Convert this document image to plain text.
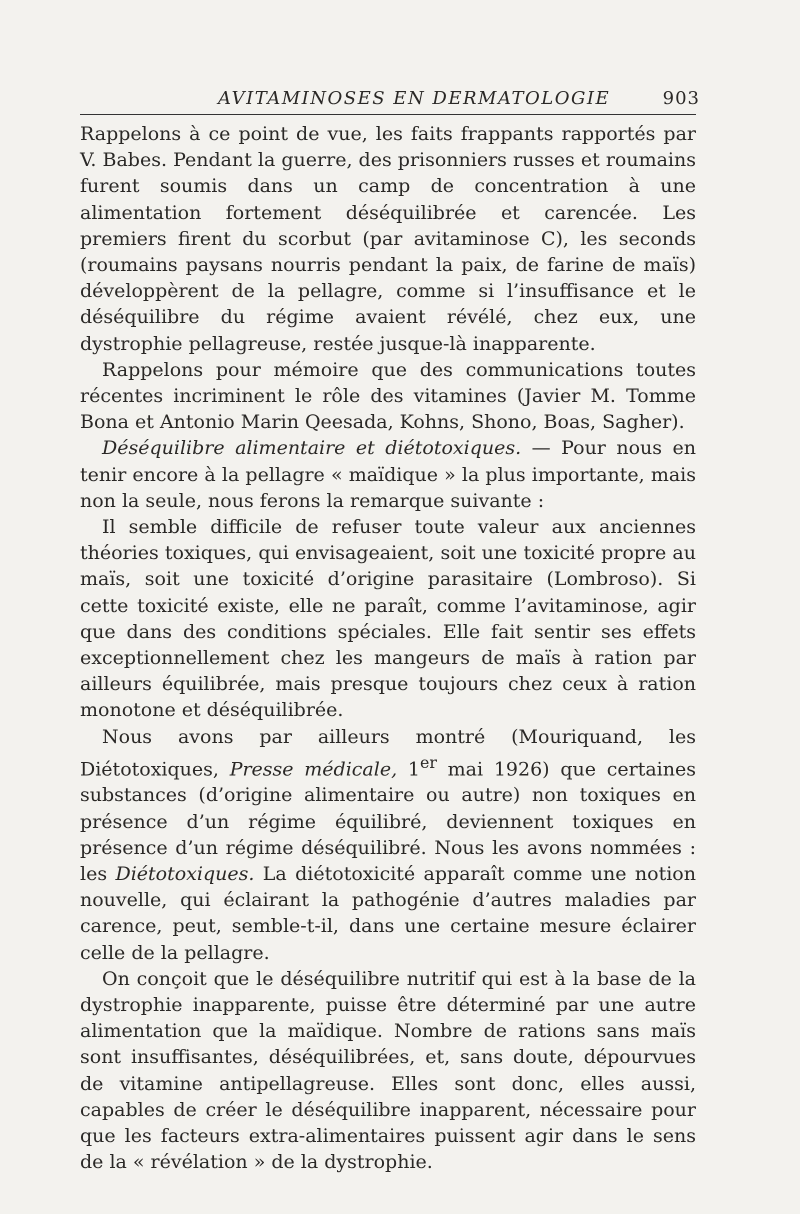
AVITAMINOSES EN DERMATOLOGIE	903

Rappelons à ce point de vue, les faits frappants rapportés par V. Babes. Pendant la guerre, des prisonniers russes et roumains furent soumis dans un camp de concentration à une alimentation fortement déséquilibrée et carencée. Les premiers firent du scorbut (par avitaminose C), les seconds (roumains paysans nourris pendant la paix, de farine de maïs) développèrent de la pellagre, comme si l’insuffisance et le déséquilibre du régime avaient révélé, chez eux, une dystrophie pellagreuse, restée jusque-là inapparente.

Rappelons pour mémoire que des communications toutes récentes incriminent le rôle des vitamines (Javier M. Tomme Bona et Antonio Marin Qeesada, Kohns, Shono, Boas, Sagher).

Déséquilibre alimentaire et diétotoxiques. — Pour nous en tenir encore à la pellagre « maïdique » la plus importante, mais non la seule, nous ferons la remarque suivante :

Il semble difficile de refuser toute valeur aux anciennes théories toxiques, qui envisageaient, soit une toxicité propre au maïs, soit une toxicité d’origine parasitaire (Lombroso). Si cette toxicité existe, elle ne paraît, comme l’avitaminose, agir que dans des conditions spéciales. Elle fait sentir ses effets exceptionnellement chez les mangeurs de maïs à ration par ailleurs équilibrée, mais presque toujours chez ceux à ration monotone et déséquilibrée.

Nous avons par ailleurs montré (Mouriquand, les Diétotoxiques, Presse médicale, 1er mai 1926) que certaines substances (d’origine alimentaire ou autre) non toxiques en présence d’un régime équilibré, deviennent toxiques en présence d’un régime déséquilibré. Nous les avons nommées : les Diétotoxiques. La diétotoxicité apparaît comme une notion nouvelle, qui éclairant la pathogénie d’autres maladies par carence, peut, semble-t-il, dans une certaine mesure éclairer celle de la pellagre.

On conçoit que le déséquilibre nutritif qui est à la base de la dystrophie inapparente, puisse être déterminé par une autre alimentation que la maïdique. Nombre de rations sans maïs sont insuffisantes, déséquilibrées, et, sans doute, dépourvues de vitamine antipellagreuse. Elles sont donc, elles aussi, capables de créer le déséquilibre inapparent, nécessaire pour que les facteurs extra-alimentaires puissent agir dans le sens de la « révélation » de la dystrophie.
